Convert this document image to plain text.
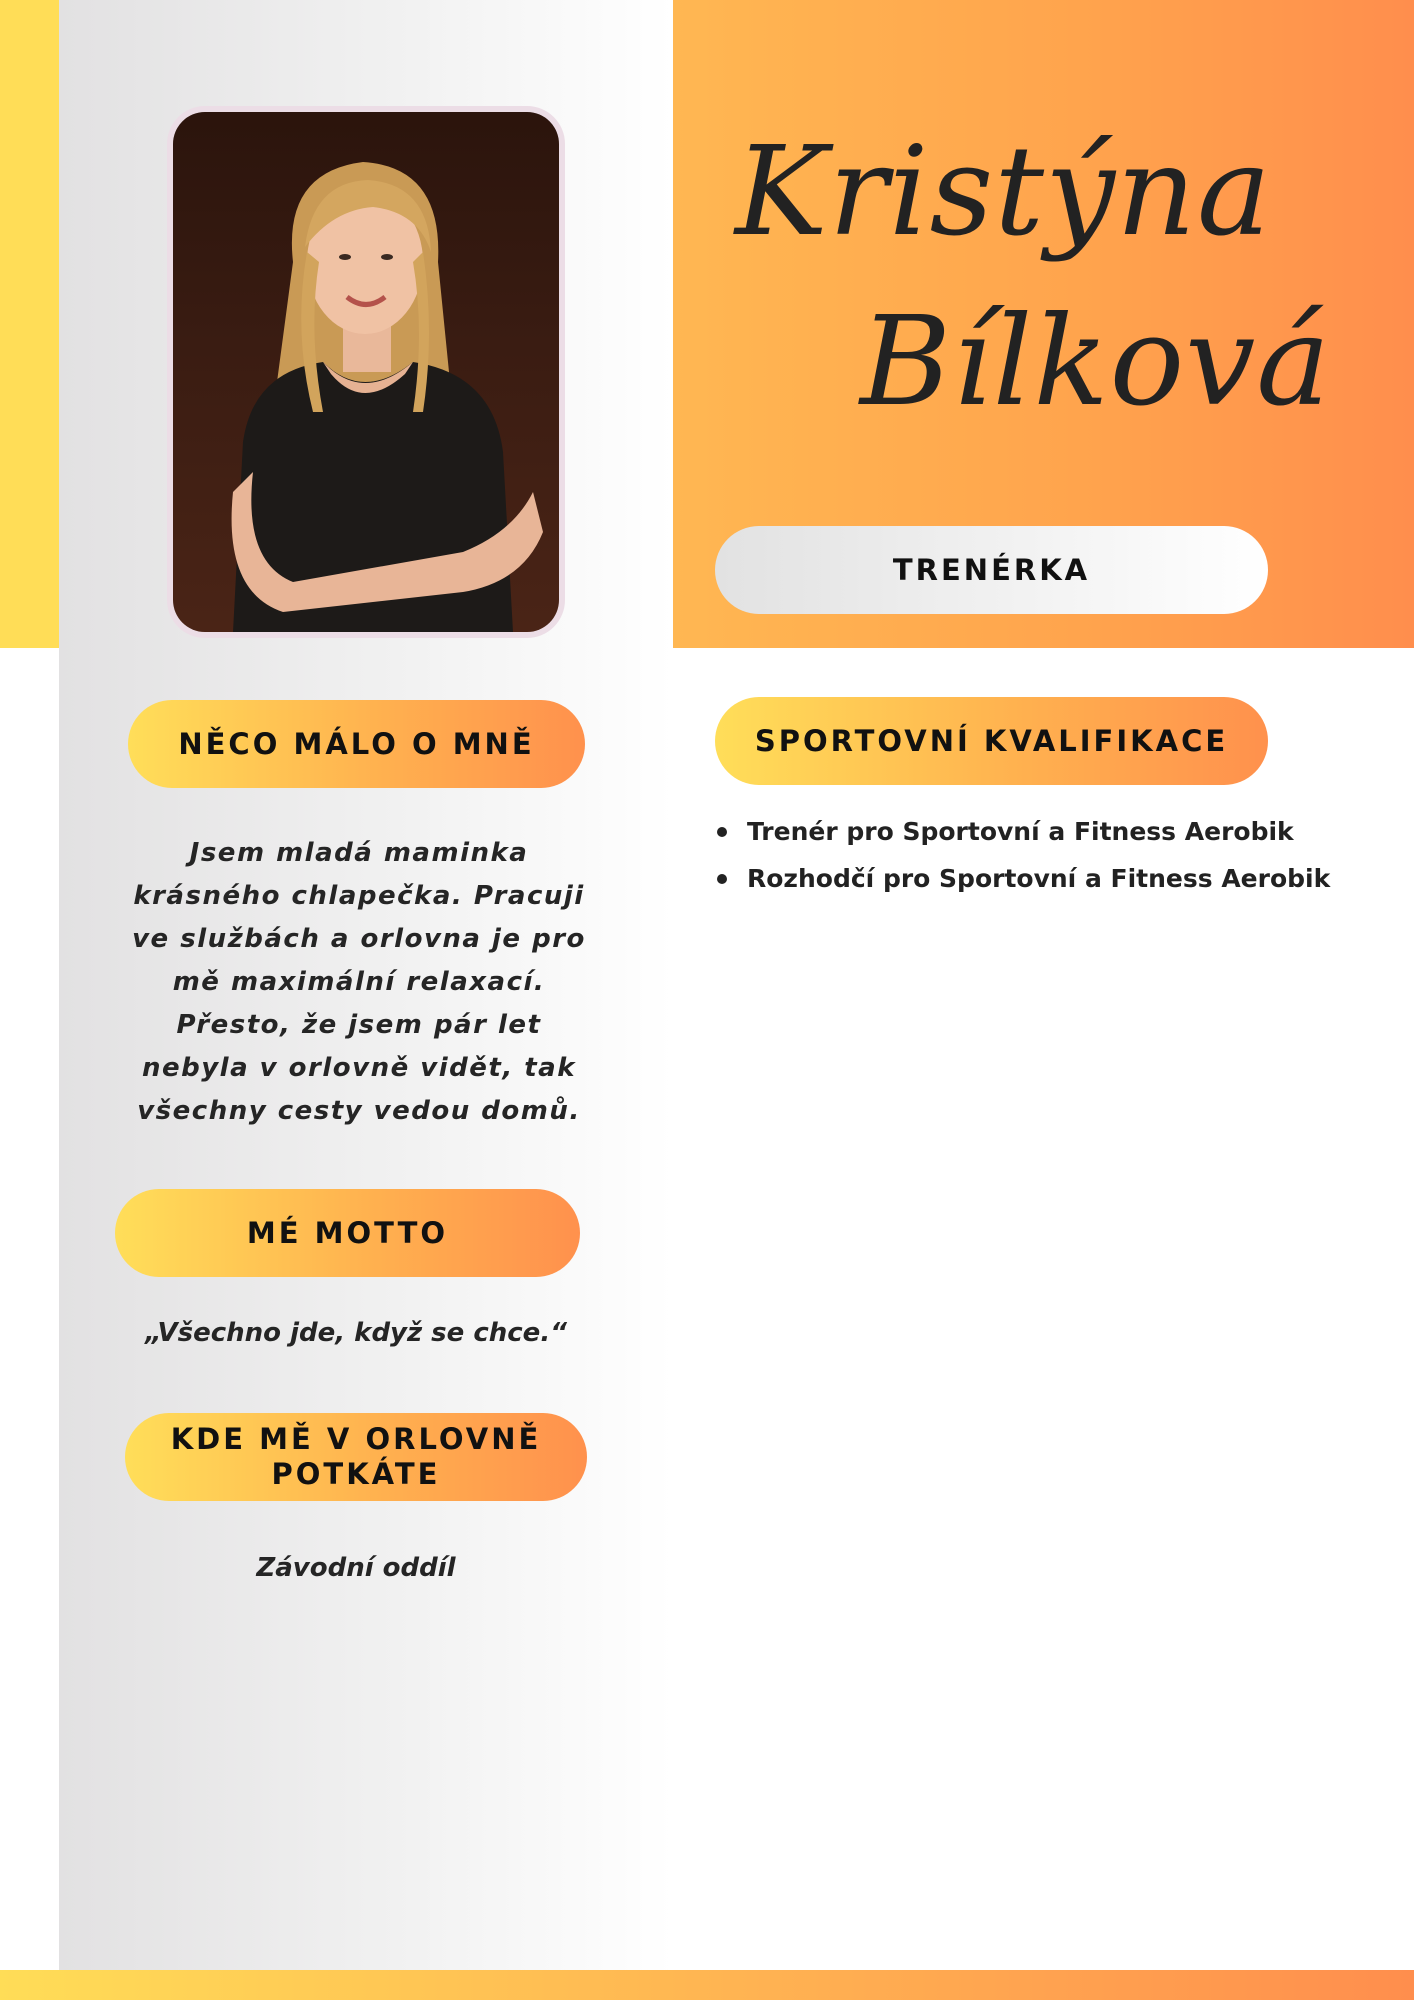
Kristýna
Bílková
TRENÉRKA
NĚCO MÁLO O MNĚ
Jsem mladá maminka krásného chlapečka. Pracuji ve službách a orlovna je pro mě maximální relaxací. Přesto, že jsem pár let nebyla v orlovně vidět, tak všechny cesty vedou domů.
MÉ MOTTO
„Všechno jde, když se chce.“
KDE MĚ V ORLOVNĚ POTKÁTE
Závodní oddíl
SPORTOVNÍ KVALIFIKACE
Trenér pro Sportovní a Fitness Aerobik
Rozhodčí pro Sportovní a Fitness Aerobik
